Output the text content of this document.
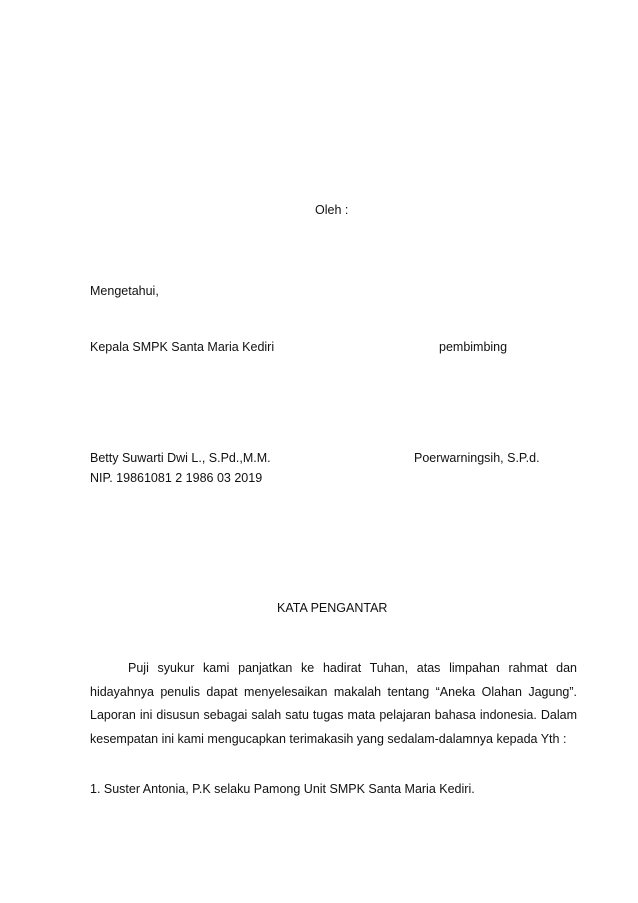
Oleh :
Mengetahui,
Kepala SMPK Santa Maria Kediri	pembimbing
Betty Suwarti Dwi L., S.Pd.,M.M.	Poerwarningsih, S.P.d.
NIP. 19861081 2 1986 03 2019
KATA PENGANTAR
Puji syukur kami panjatkan ke hadirat Tuhan, atas limpahan rahmat dan hidayahnya penulis dapat menyelesaikan makalah tentang “Aneka Olahan Jagung”. Laporan ini disusun sebagai salah satu tugas mata pelajaran bahasa indonesia. Dalam kesempatan ini kami mengucapkan terimakasih yang sedalam-dalamnya kepada Yth :
1. Suster Antonia, P.K selaku Pamong Unit SMPK Santa Maria Kediri.
